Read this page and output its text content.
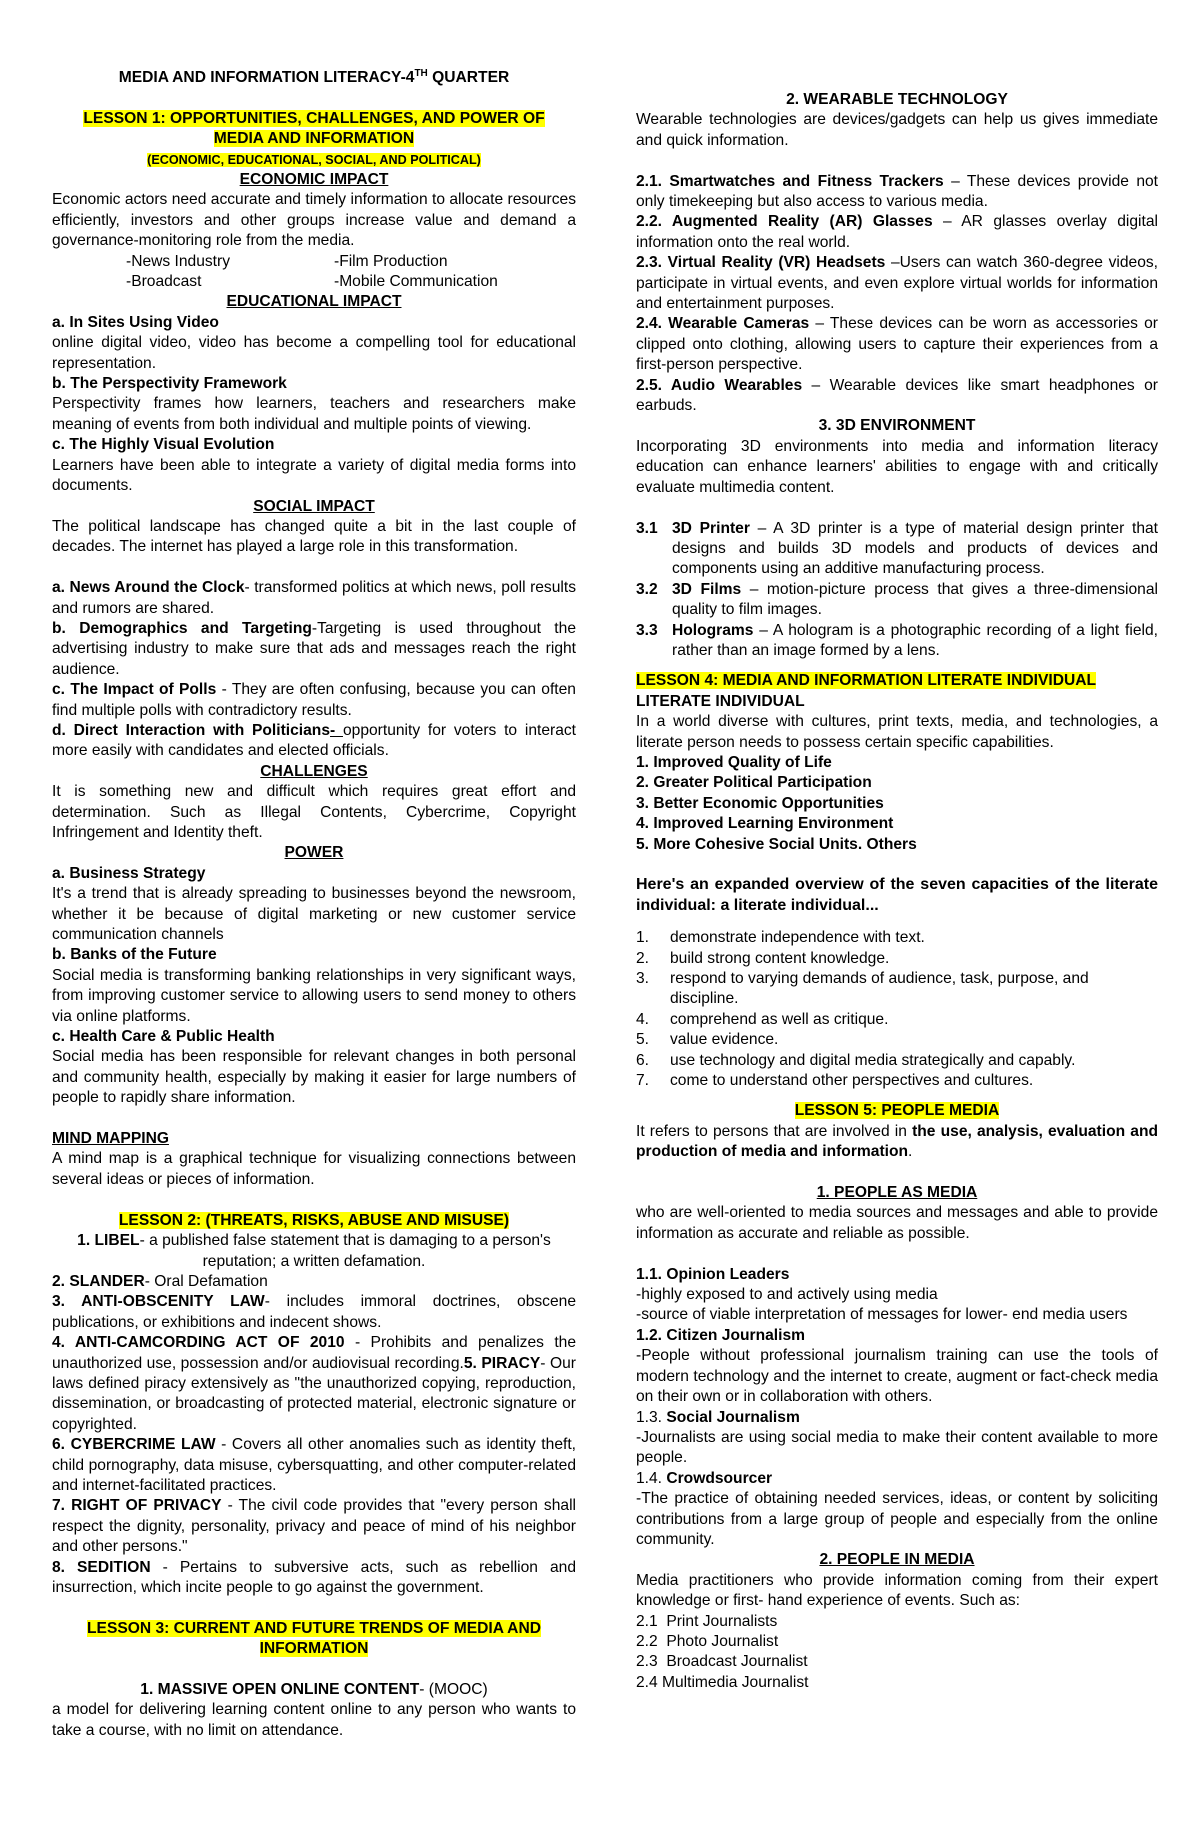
MEDIA AND INFORMATION LITERACY-4TH QUARTER

LESSON 1: OPPORTUNITIES, CHALLENGES, AND POWER OF
MEDIA AND INFORMATION
(ECONOMIC, EDUCATIONAL, SOCIAL, AND POLITICAL)

ECONOMIC IMPACT

Economic actors need accurate and timely information to allocate resources efficiently, investors and other groups increase value and demand a governance-monitoring role from the media.

-News Industry	-Film Production
-Broadcast	-Mobile Communication

EDUCATIONAL IMPACT

a. In Sites Using Video

online digital video, video has become a compelling tool for educational representation.

b. The Perspectivity Framework

Perspectivity frames how learners, teachers and researchers make meaning of events from both individual and multiple points of viewing.

c. The Highly Visual Evolution

Learners have been able to integrate a variety of digital media forms into documents.

SOCIAL IMPACT

The political landscape has changed quite a bit in the last couple of decades. The internet has played a large role in this transformation.

a. News Around the Clock- transformed politics at which news, poll results and rumors are shared.

b. Demographics and Targeting-Targeting is used throughout the advertising industry to make sure that ads and messages reach the right audience.

c. The Impact of Polls - They are often confusing, because you can often find multiple polls with contradictory results.

d. Direct Interaction with Politicians- opportunity for voters to interact more easily with candidates and elected officials.

CHALLENGES

It is something new and difficult which requires great effort and determination. Such as Illegal Contents, Cybercrime, Copyright Infringement and Identity theft.

POWER

a. Business Strategy

It's a trend that is already spreading to businesses beyond the newsroom, whether it be because of digital marketing or new customer service communication channels

b. Banks of the Future

Social media is transforming banking relationships in very significant ways, from improving customer service to allowing users to send money to others via online platforms.

c. Health Care & Public Health

Social media has been responsible for relevant changes in both personal and community health, especially by making it easier for large numbers of people to rapidly share information.

MIND MAPPING

A mind map is a graphical technique for visualizing connections between several ideas or pieces of information.

LESSON 2: (THREATS, RISKS, ABUSE AND MISUSE)

1. LIBEL- a published false statement that is damaging to a person's reputation; a written defamation.

2. SLANDER- Oral Defamation

3. ANTI-OBSCENITY LAW- includes immoral doctrines, obscene publications, or exhibitions and indecent shows.

4. ANTI-CAMCORDING ACT OF 2010 - Prohibits and penalizes the unauthorized use, possession and/or audiovisual recording.5. PIRACY- Our laws defined piracy extensively as "the unauthorized copying, reproduction, dissemination, or broadcasting of protected material, electronic signature or copyrighted.

6. CYBERCRIME LAW - Covers all other anomalies such as identity theft, child pornography, data misuse, cybersquatting, and other computer-related and internet-facilitated practices.

7. RIGHT OF PRIVACY - The civil code provides that "every person shall respect the dignity, personality, privacy and peace of mind of his neighbor and other persons."

8. SEDITION - Pertains to subversive acts, such as rebellion and insurrection, which incite people to go against the government.

LESSON 3: CURRENT AND FUTURE TRENDS OF MEDIA AND
INFORMATION

1. MASSIVE OPEN ONLINE CONTENT- (MOOC)

a model for delivering learning content online to any person who wants to take a course, with no limit on attendance.

2. WEARABLE TECHNOLOGY

Wearable technologies are devices/gadgets can help us gives immediate and quick information.

2.1. Smartwatches and Fitness Trackers – These devices provide not only timekeeping but also access to various media.

2.2. Augmented Reality (AR) Glasses – AR glasses overlay digital information onto the real world.

2.3. Virtual Reality (VR) Headsets –Users can watch 360-degree videos, participate in virtual events, and even explore virtual worlds for information and entertainment purposes.

2.4. Wearable Cameras – These devices can be worn as accessories or clipped onto clothing, allowing users to capture their experiences from a first-person perspective.

2.5. Audio Wearables – Wearable devices like smart headphones or earbuds.

3. 3D ENVIRONMENT

Incorporating 3D environments into media and information literacy education can enhance learners' abilities to engage with and critically evaluate multimedia content.

3.1 3D Printer – A 3D printer is a type of material design printer that designs and builds 3D models and products of devices and components using an additive manufacturing process.
3.2 3D Films – motion-picture process that gives a three-dimensional quality to film images.
3.3 Holograms – A hologram is a photographic recording of a light field, rather than an image formed by a lens.

LESSON 4: MEDIA AND INFORMATION LITERATE INDIVIDUAL

LITERATE INDIVIDUAL

In a world diverse with cultures, print texts, media, and technologies, a literate person needs to possess certain specific capabilities.

1. Improved Quality of Life

2. Greater Political Participation

3. Better Economic Opportunities

4. Improved Learning Environment

5. More Cohesive Social Units. Others

Here's an expanded overview of the seven capacities of the literate individual: a literate individual...

1.	demonstrate independence with text.
2.	build strong content knowledge.
3.	respond to varying demands of audience, task, purpose, and discipline.
4.	comprehend as well as critique.
5.	value evidence.
6.	use technology and digital media strategically and capably.
7.	come to understand other perspectives and cultures.

LESSON 5: PEOPLE MEDIA

It refers to persons that are involved in the use, analysis, evaluation and production of media and information.

1. PEOPLE AS MEDIA

who are well-oriented to media sources and messages and able to provide information as accurate and reliable as possible.

1.1. Opinion Leaders

-highly exposed to and actively using media

-source of viable interpretation of messages for lower- end media users

1.2. Citizen Journalism

-People without professional journalism training can use the tools of modern technology and the internet to create, augment or fact-check media on their own or in collaboration with others.

1.3. Social Journalism

-Journalists are using social media to make their content available to more people.

1.4. Crowdsourcer

-The practice of obtaining needed services, ideas, or content by soliciting contributions from a large group of people and especially from the online community.

2. PEOPLE IN MEDIA

Media practitioners who provide information coming from their expert knowledge or first- hand experience of events. Such as:

2.1  Print Journalists

2.2  Photo Journalist

2.3  Broadcast Journalist

2.4 Multimedia Journalist
